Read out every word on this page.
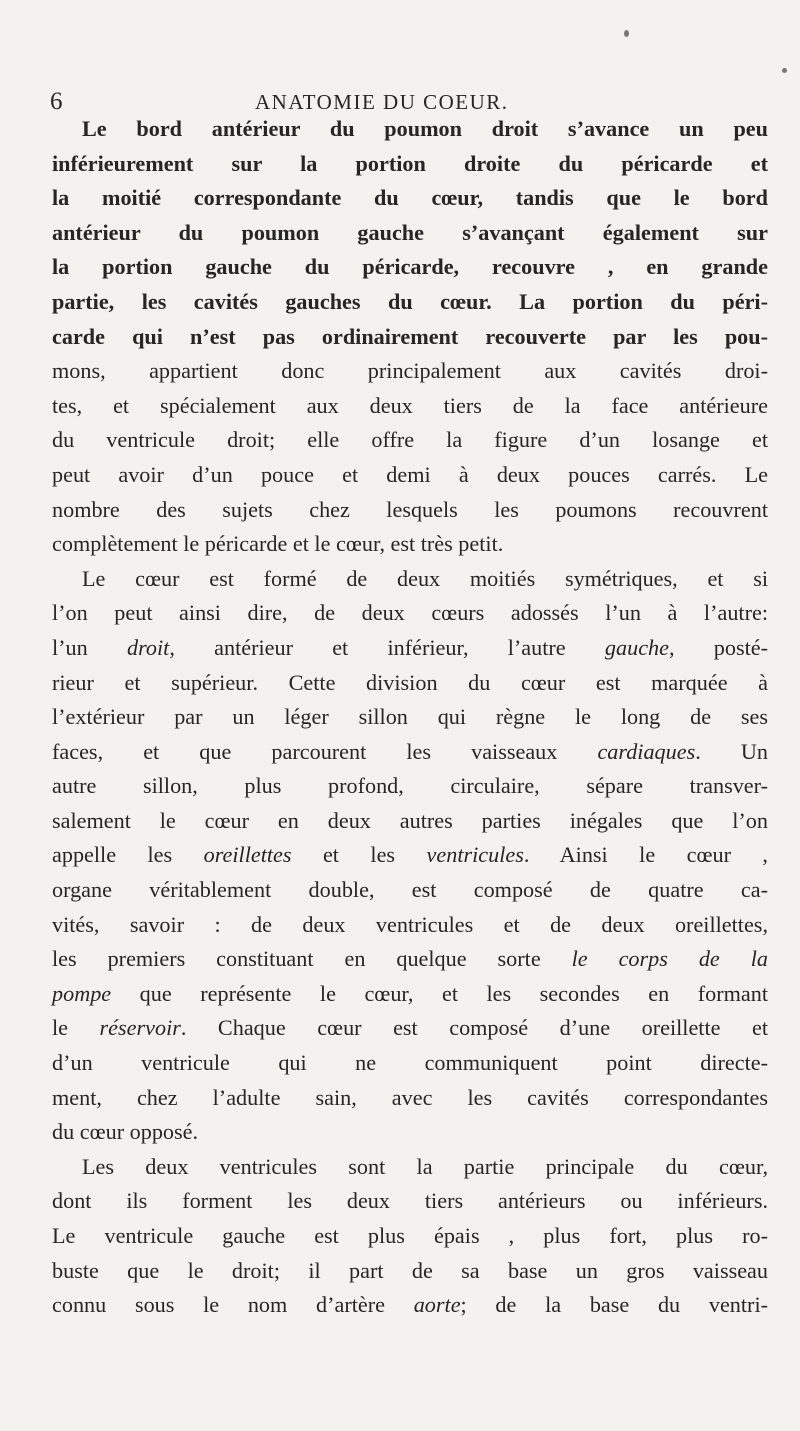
6	ANATOMIE DU COEUR.
Le bord antérieur du poumon droit s’avance un peu
inférieurement sur la portion droite du péricarde et
la moitié correspondante du cœur, tandis que le bord
antérieur du poumon gauche s’avançant également sur
la portion gauche du péricarde, recouvre , en grande
partie, les cavités gauches du cœur. La portion du péri-
carde qui n’est pas ordinairement recouverte par les pou-
mons, appartient donc principalement aux cavités droi-
tes, et spécialement aux deux tiers de la face antérieure
du ventricule droit; elle offre la figure d’un losange et
peut avoir d’un pouce et demi à deux pouces carrés. Le
nombre des sujets chez lesquels les poumons recouvrent
complètement le péricarde et le cœur, est très petit.
Le cœur est formé de deux moitiés symétriques, et si
l’on peut ainsi dire, de deux cœurs adossés l’un à l’autre:
l’un droit, antérieur et inférieur, l’autre gauche, posté-
rieur et supérieur. Cette division du cœur est marquée à
l’extérieur par un léger sillon qui règne le long de ses
faces, et que parcourent les vaisseaux cardiaques. Un
autre sillon, plus profond, circulaire, sépare transver-
salement le cœur en deux autres parties inégales que l’on
appelle les oreillettes et les ventricules. Ainsi le cœur ,
organe véritablement double, est composé de quatre ca-
vités, savoir : de deux ventricules et de deux oreillettes,
les premiers constituant en quelque sorte le corps de la
pompe que représente le cœur, et les secondes en formant
le réservoir. Chaque cœur est composé d’une oreillette et
d’un ventricule qui ne communiquent point directe-
ment, chez l’adulte sain, avec les cavités correspondantes
du cœur opposé.
Les deux ventricules sont la partie principale du cœur,
dont ils forment les deux tiers antérieurs ou inférieurs.
Le ventricule gauche est plus épais , plus fort, plus ro-
buste que le droit; il part de sa base un gros vaisseau
connu sous le nom d’artère aorte; de la base du ventri-
